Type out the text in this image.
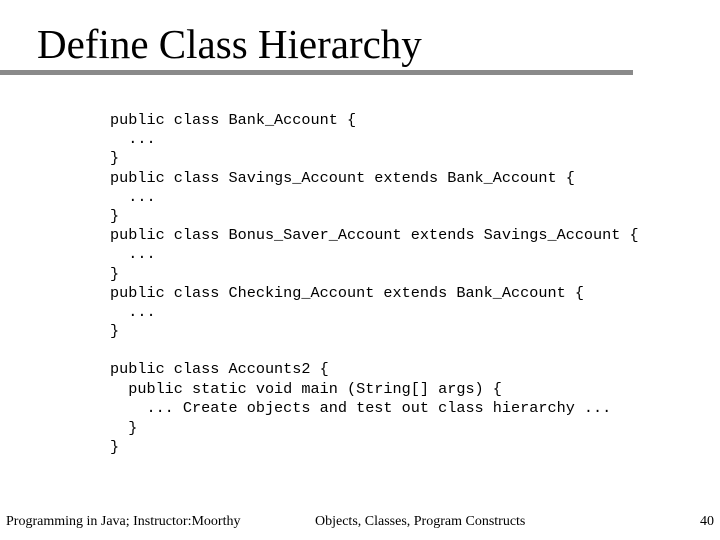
Define Class Hierarchy
public class Bank_Account {
...
}
public class Savings_Account extends Bank_Account {
...
}
public class Bonus_Saver_Account extends Savings_Account {
...
}
public class Checking_Account extends Bank_Account {
...
}
public class Accounts2 {
public static void main (String[] args) {
... Create objects and test out class hierarchy ...
}
}
Programming in Java; Instructor:Moorthy	Objects, Classes, Program Constructs	40
